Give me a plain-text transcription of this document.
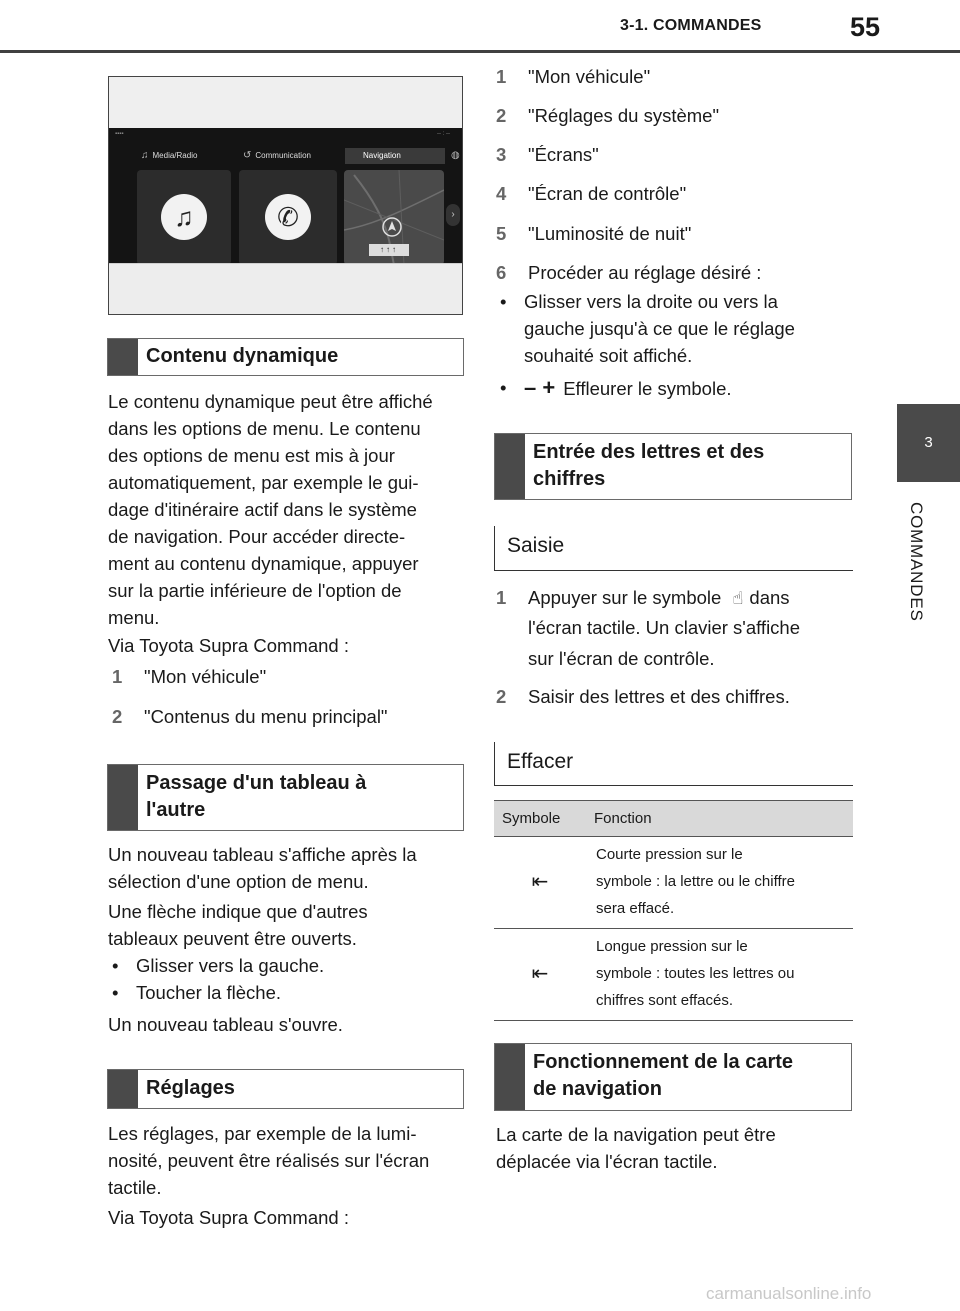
3-1. COMMANDES	55
3
COMMANDES
▪▪▪▪	-- : --
♫ Media/Radio	↺ Communication	Navigation	◍
♫	✆
↑↑↑
›
Contenu dynamique
Le contenu dynamique peut être affiché
dans les options de menu. Le contenu
des options de menu est mis à jour
automatiquement, par exemple le gui-
dage d'itinéraire actif dans le système
de navigation. Pour accéder directe-
ment au contenu dynamique, appuyer
sur la partie inférieure de l'option de
menu.
Via Toyota Supra Command :
1 "Mon véhicule"
2 "Contenus du menu principal"
Passage d'un tableau à
l'autre
Un nouveau tableau s'affiche après la
sélection d'une option de menu.
Une flèche indique que d'autres
tableaux peuvent être ouverts.
• Glisser vers la gauche.
• Toucher la flèche.
Un nouveau tableau s'ouvre.
Réglages
Les réglages, par exemple de la lumi-
nosité, peuvent être réalisés sur l'écran
tactile.
Via Toyota Supra Command :
1 "Mon véhicule"
2 "Réglages du système"
3 "Écrans"
4 "Écran de contrôle"
5 "Luminosité de nuit"
6 Procéder au réglage désiré :
• Glisser vers la droite ou vers la
gauche jusqu'à ce que le réglage
souhaité soit affiché.
• – + Effleurer le symbole.
Entrée des lettres et des
chiffres
Saisie
1 Appuyer sur le symbole ☝ dans
l'écran tactile. Un clavier s'affiche
sur l'écran de contrôle.
2 Saisir des lettres et des chiffres.
Effacer
Symbole	Fonction
⇤	Courte pression sur le
symbole : la lettre ou le chiffre
sera effacé.

⇤	Longue pression sur le
symbole : toutes les lettres ou
chiffres sont effacés.
Fonctionnement de la carte
de navigation
La carte de la navigation peut être
déplacée via l'écran tactile.
carmanualsonline.info
